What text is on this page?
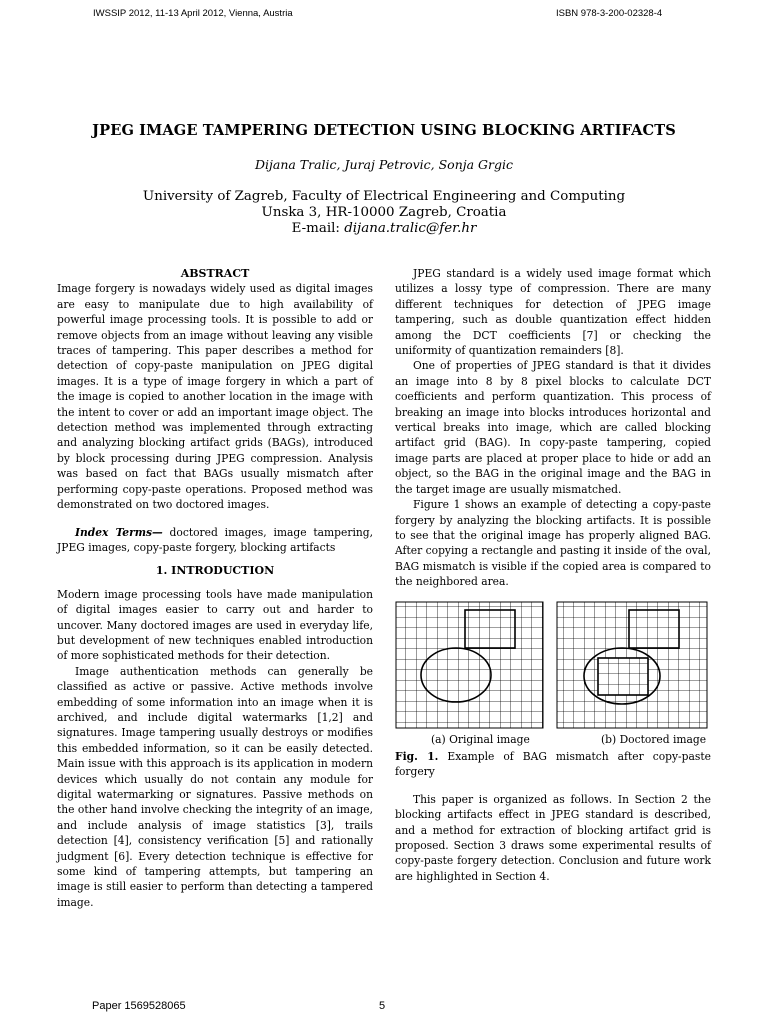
IWSSIP 2012, 11-13 April 2012, Vienna, Austria	ISBN 978-3-200-02328-4
JPEG IMAGE TAMPERING DETECTION USING BLOCKING ARTIFACTS
Dijana Tralic, Juraj Petrovic, Sonja Grgic
University of Zagreb, Faculty of Electrical Engineering and Computing
Unska 3, HR-10000 Zagreb, Croatia
E-mail: dijana.tralic@fer.hr
ABSTRACT

Image forgery is nowadays widely used as digital images are easy to manipulate due to high availability of powerful image processing tools. It is possible to add or remove objects from an image without leaving any visible traces of tampering. This paper describes a method for detection of copy-paste manipulation on JPEG digital images. It is a type of image forgery in which a part of the image is copied to another location in the image with the intent to cover or add an important image object. The detection method was implemented through extracting and analyzing blocking artifact grids (BAGs), introduced by block processing during JPEG compression. Analysis was based on fact that BAGs usually mismatch after performing copy-paste operations. Proposed method was demonstrated on two doctored images.

Index Terms— doctored images, image tampering, JPEG images, copy-paste forgery, blocking artifacts

1. INTRODUCTION

Modern image processing tools have made manipulation of digital images easier to carry out and harder to uncover. Many doctored images are used in everyday life, but development of new techniques enabled introduction of more sophisticated methods for their detection.

Image authentication methods can generally be classified as active or passive. Active methods involve embedding of some information into an image when it is archived, and include digital watermarks [1,2] and signatures. Image tampering usually destroys or modifies this embedded information, so it can be easily detected. Main issue with this approach is its application in modern devices which usually do not contain any module for digital watermarking or signatures. Passive methods on the other hand involve checking the integrity of an image, and include analysis of image statistics [3], trails detection [4], consistency verification [5] and rationally judgment [6]. Every detection technique is effective for some kind of tampering attempts, but tampering an image is still easier to perform than detecting a tampered image.

JPEG standard is a widely used image format which utilizes a lossy type of compression. There are many different techniques for detection of JPEG image tampering, such as double quantization effect hidden among the DCT coefficients [7] or checking the uniformity of quantization remainders [8].

One of properties of JPEG standard is that it divides an image into 8 by 8 pixel blocks to calculate DCT coefficients and perform quantization. This process of breaking an image into blocks introduces horizontal and vertical breaks into image, which are called blocking artifact grid (BAG). In copy-paste tampering, copied image parts are placed at proper place to hide or add an object, so the BAG in the original image and the BAG in the target image are usually mismatched.

Figure 1 shows an example of detecting a copy-paste forgery by analyzing the blocking artifacts. It is possible to see that the original image has properly aligned BAG. After copying a rectangle and pasting it inside of the oval, BAG mismatch is visible if the copied area is compared to the neighbored area.

(a) Original image	(b) Doctored image

Fig. 1. Example of BAG mismatch after copy-paste forgery

This paper is organized as follows. In Section 2 the blocking artifacts effect in JPEG standard is described, and a method for extraction of blocking artifact grid is proposed. Section 3 draws some experimental results of copy-paste forgery detection. Conclusion and future work are highlighted in Section 4.

Paper 1569528065	5
